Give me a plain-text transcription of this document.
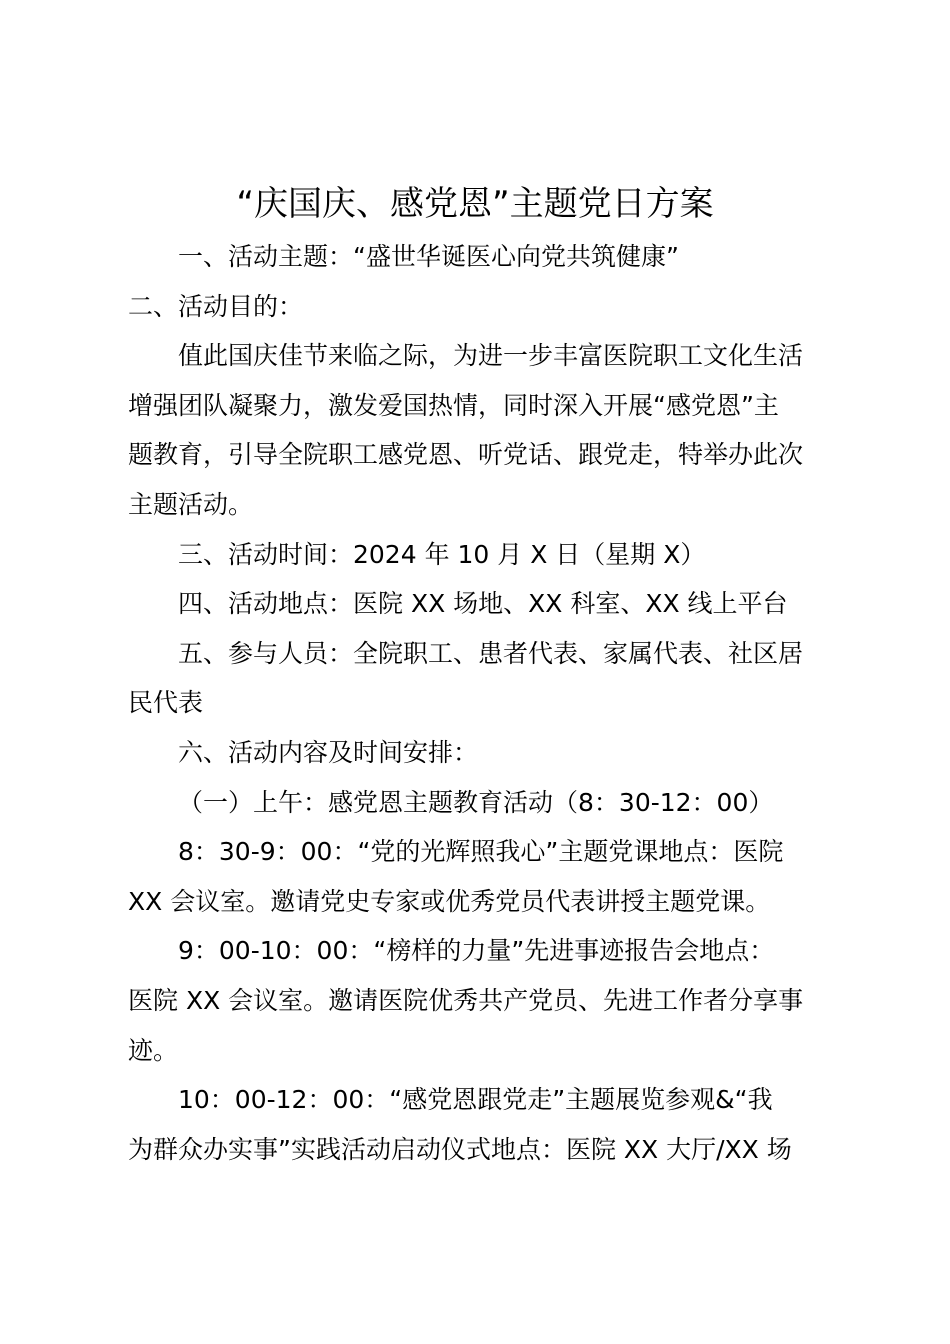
“庆国庆、感党恩”主题党日方案

一、活动主题：“盛世华诞医心向党共筑健康”

二、活动目的：

值此国庆佳节来临之际，为进一步丰富医院职工文化生活

增强团队凝聚力，激发爱国热情，同时深入开展“感党恩”主

题教育，引导全院职工感党恩、听党话、跟党走，特举办此次

主题活动。

三、活动时间：2024 年 10 月 X 日（星期 X）

四、活动地点：医院 XX 场地、XX 科室、XX 线上平台

五、参与人员：全院职工、患者代表、家属代表、社区居

民代表

六、活动内容及时间安排：

（一）上午：感党恩主题教育活动（8：30-12：00）

8：30-9：00：“党的光辉照我心”主题党课地点：医院

XX 会议室。邀请党史专家或优秀党员代表讲授主题党课。

9：00-10：00：“榜样的力量”先进事迹报告会地点：

医院 XX 会议室。邀请医院优秀共产党员、先进工作者分享事

迹。

10：00-12：00：“感党恩跟党走”主题展览参观&“我

为群众办实事”实践活动启动仪式地点：医院 XX 大厅/XX 场
